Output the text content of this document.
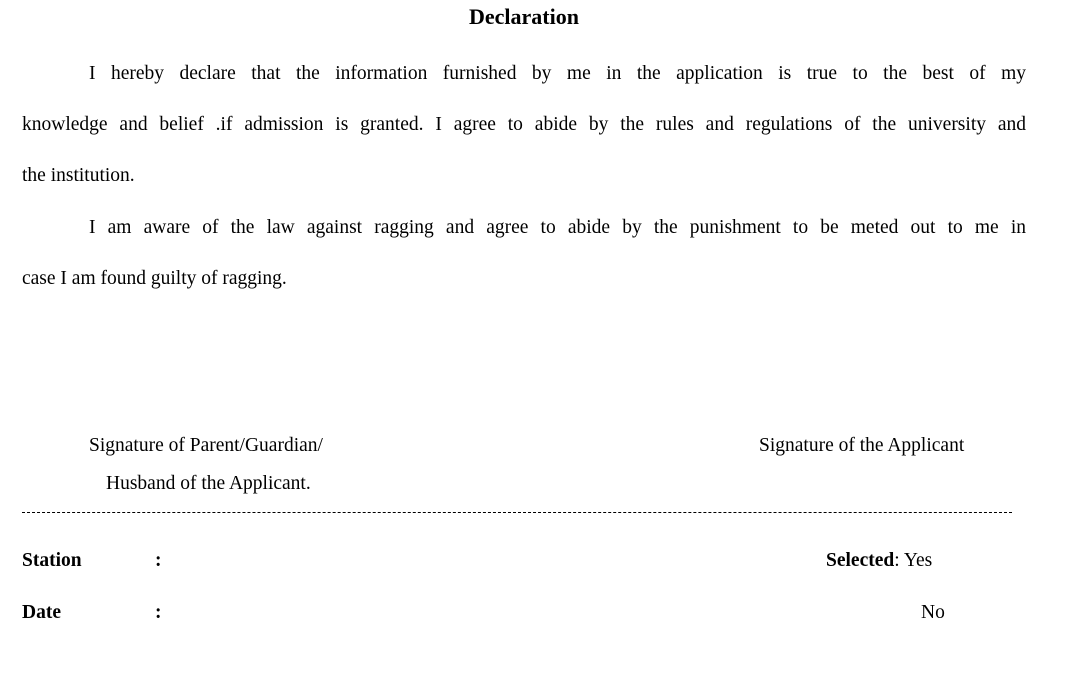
Declaration
I hereby declare that the information furnished by me in the application is true to the best of my
knowledge and belief .if admission is granted. I agree to abide by the rules and regulations of the university and
the institution.
I am aware of the law against ragging and agree to abide by the punishment to be meted out to me in
case I am found guilty of ragging.
Signature of Parent/Guardian/
Husband of the Applicant.
Signature of the Applicant
Station	:
Date	:
Selected: Yes
No
